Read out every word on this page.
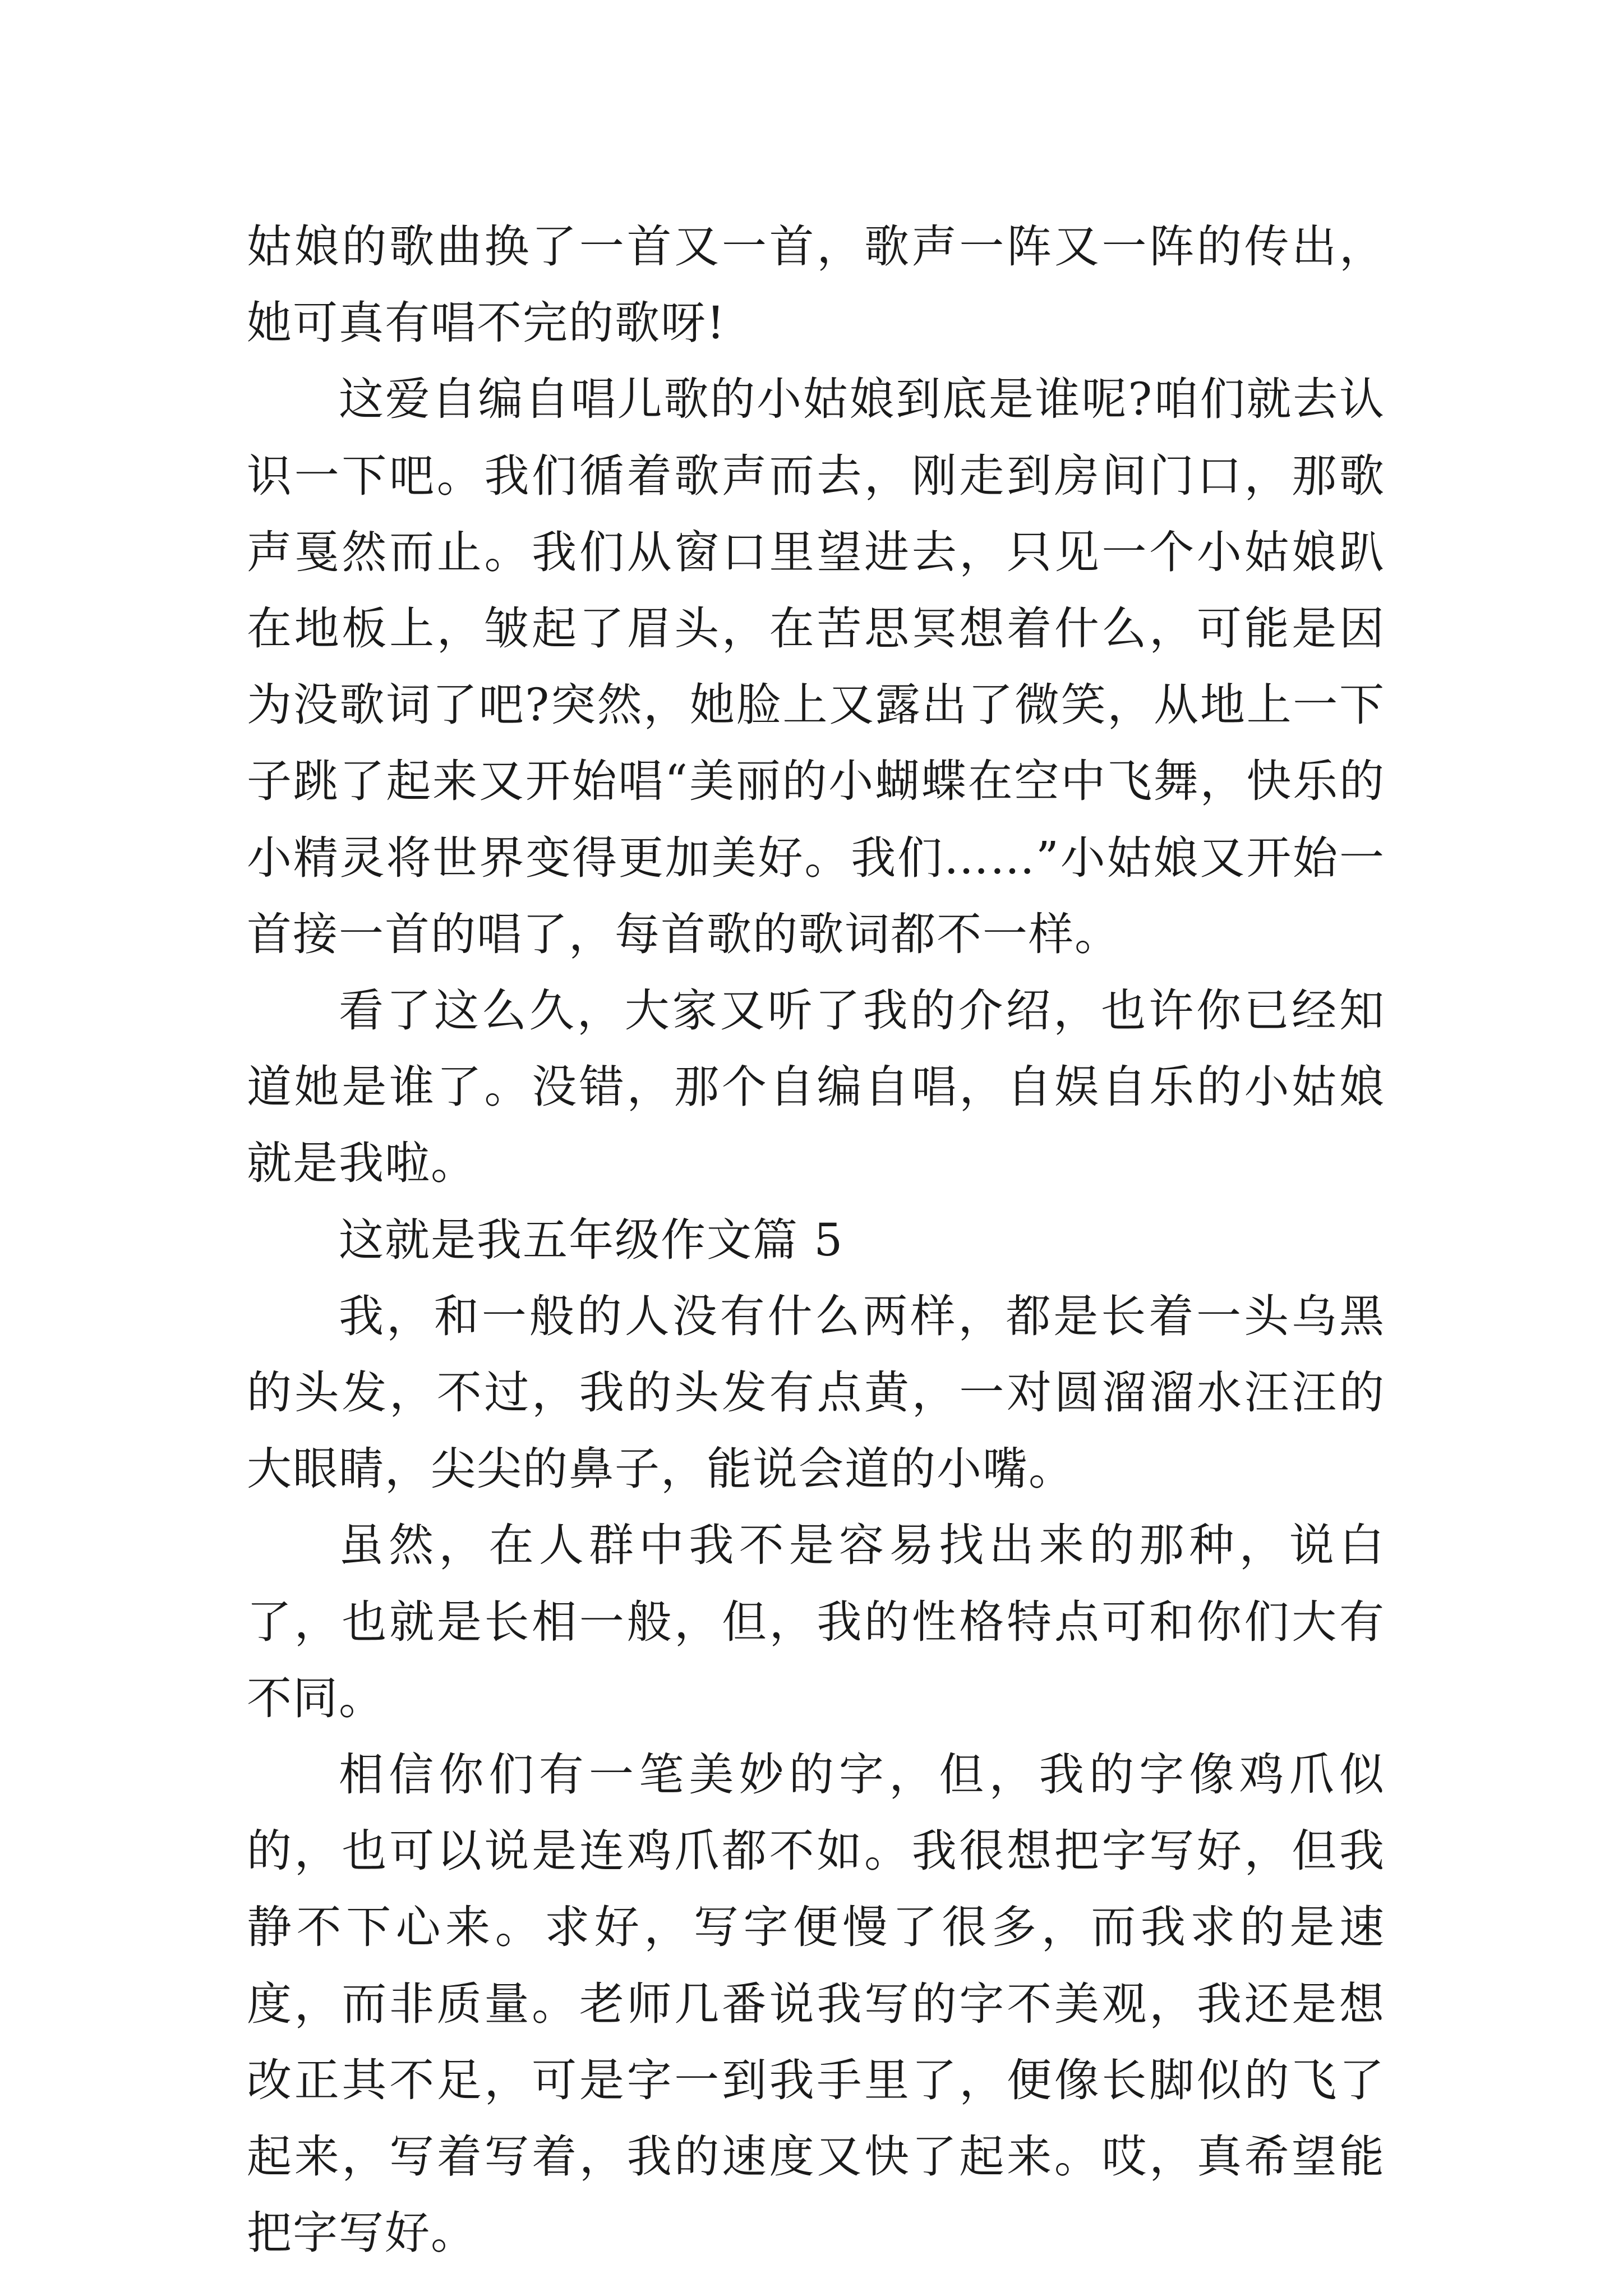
姑娘的歌曲换了一首又一首，歌声一阵又一阵的传出，她可真有唱不完的歌呀!

这爱自编自唱儿歌的小姑娘到底是谁呢?咱们就去认识一下吧。我们循着歌声而去，刚走到房间门口，那歌声戛然而止。我们从窗口里望进去，只见一个小姑娘趴在地板上，皱起了眉头，在苦思冥想着什么，可能是因为没歌词了吧?突然，她脸上又露出了微笑，从地上一下子跳了起来又开始唱“美丽的小蝴蝶在空中飞舞，快乐的小精灵将世界变得更加美好。我们……”小姑娘又开始一首接一首的唱了，每首歌的歌词都不一样。

看了这么久，大家又听了我的介绍，也许你已经知道她是谁了。没错，那个自编自唱，自娱自乐的小姑娘就是我啦。

这就是我五年级作文篇 5

我，和一般的人没有什么两样，都是长着一头乌黑的头发，不过，我的头发有点黄，一对圆溜溜水汪汪的大眼睛，尖尖的鼻子，能说会道的小嘴。

虽然，在人群中我不是容易找出来的那种，说白了，也就是长相一般，但，我的性格特点可和你们大有不同。

相信你们有一笔美妙的字，但，我的字像鸡爪似的，也可以说是连鸡爪都不如。我很想把字写好，但我静不下心来。求好，写字便慢了很多，而我求的是速度，而非质量。老师几番说我写的字不美观，我还是想改正其不足，可是字一到我手里了，便像长脚似的飞了起来，写着写着，我的速度又快了起来。哎，真希望能把字写好。
